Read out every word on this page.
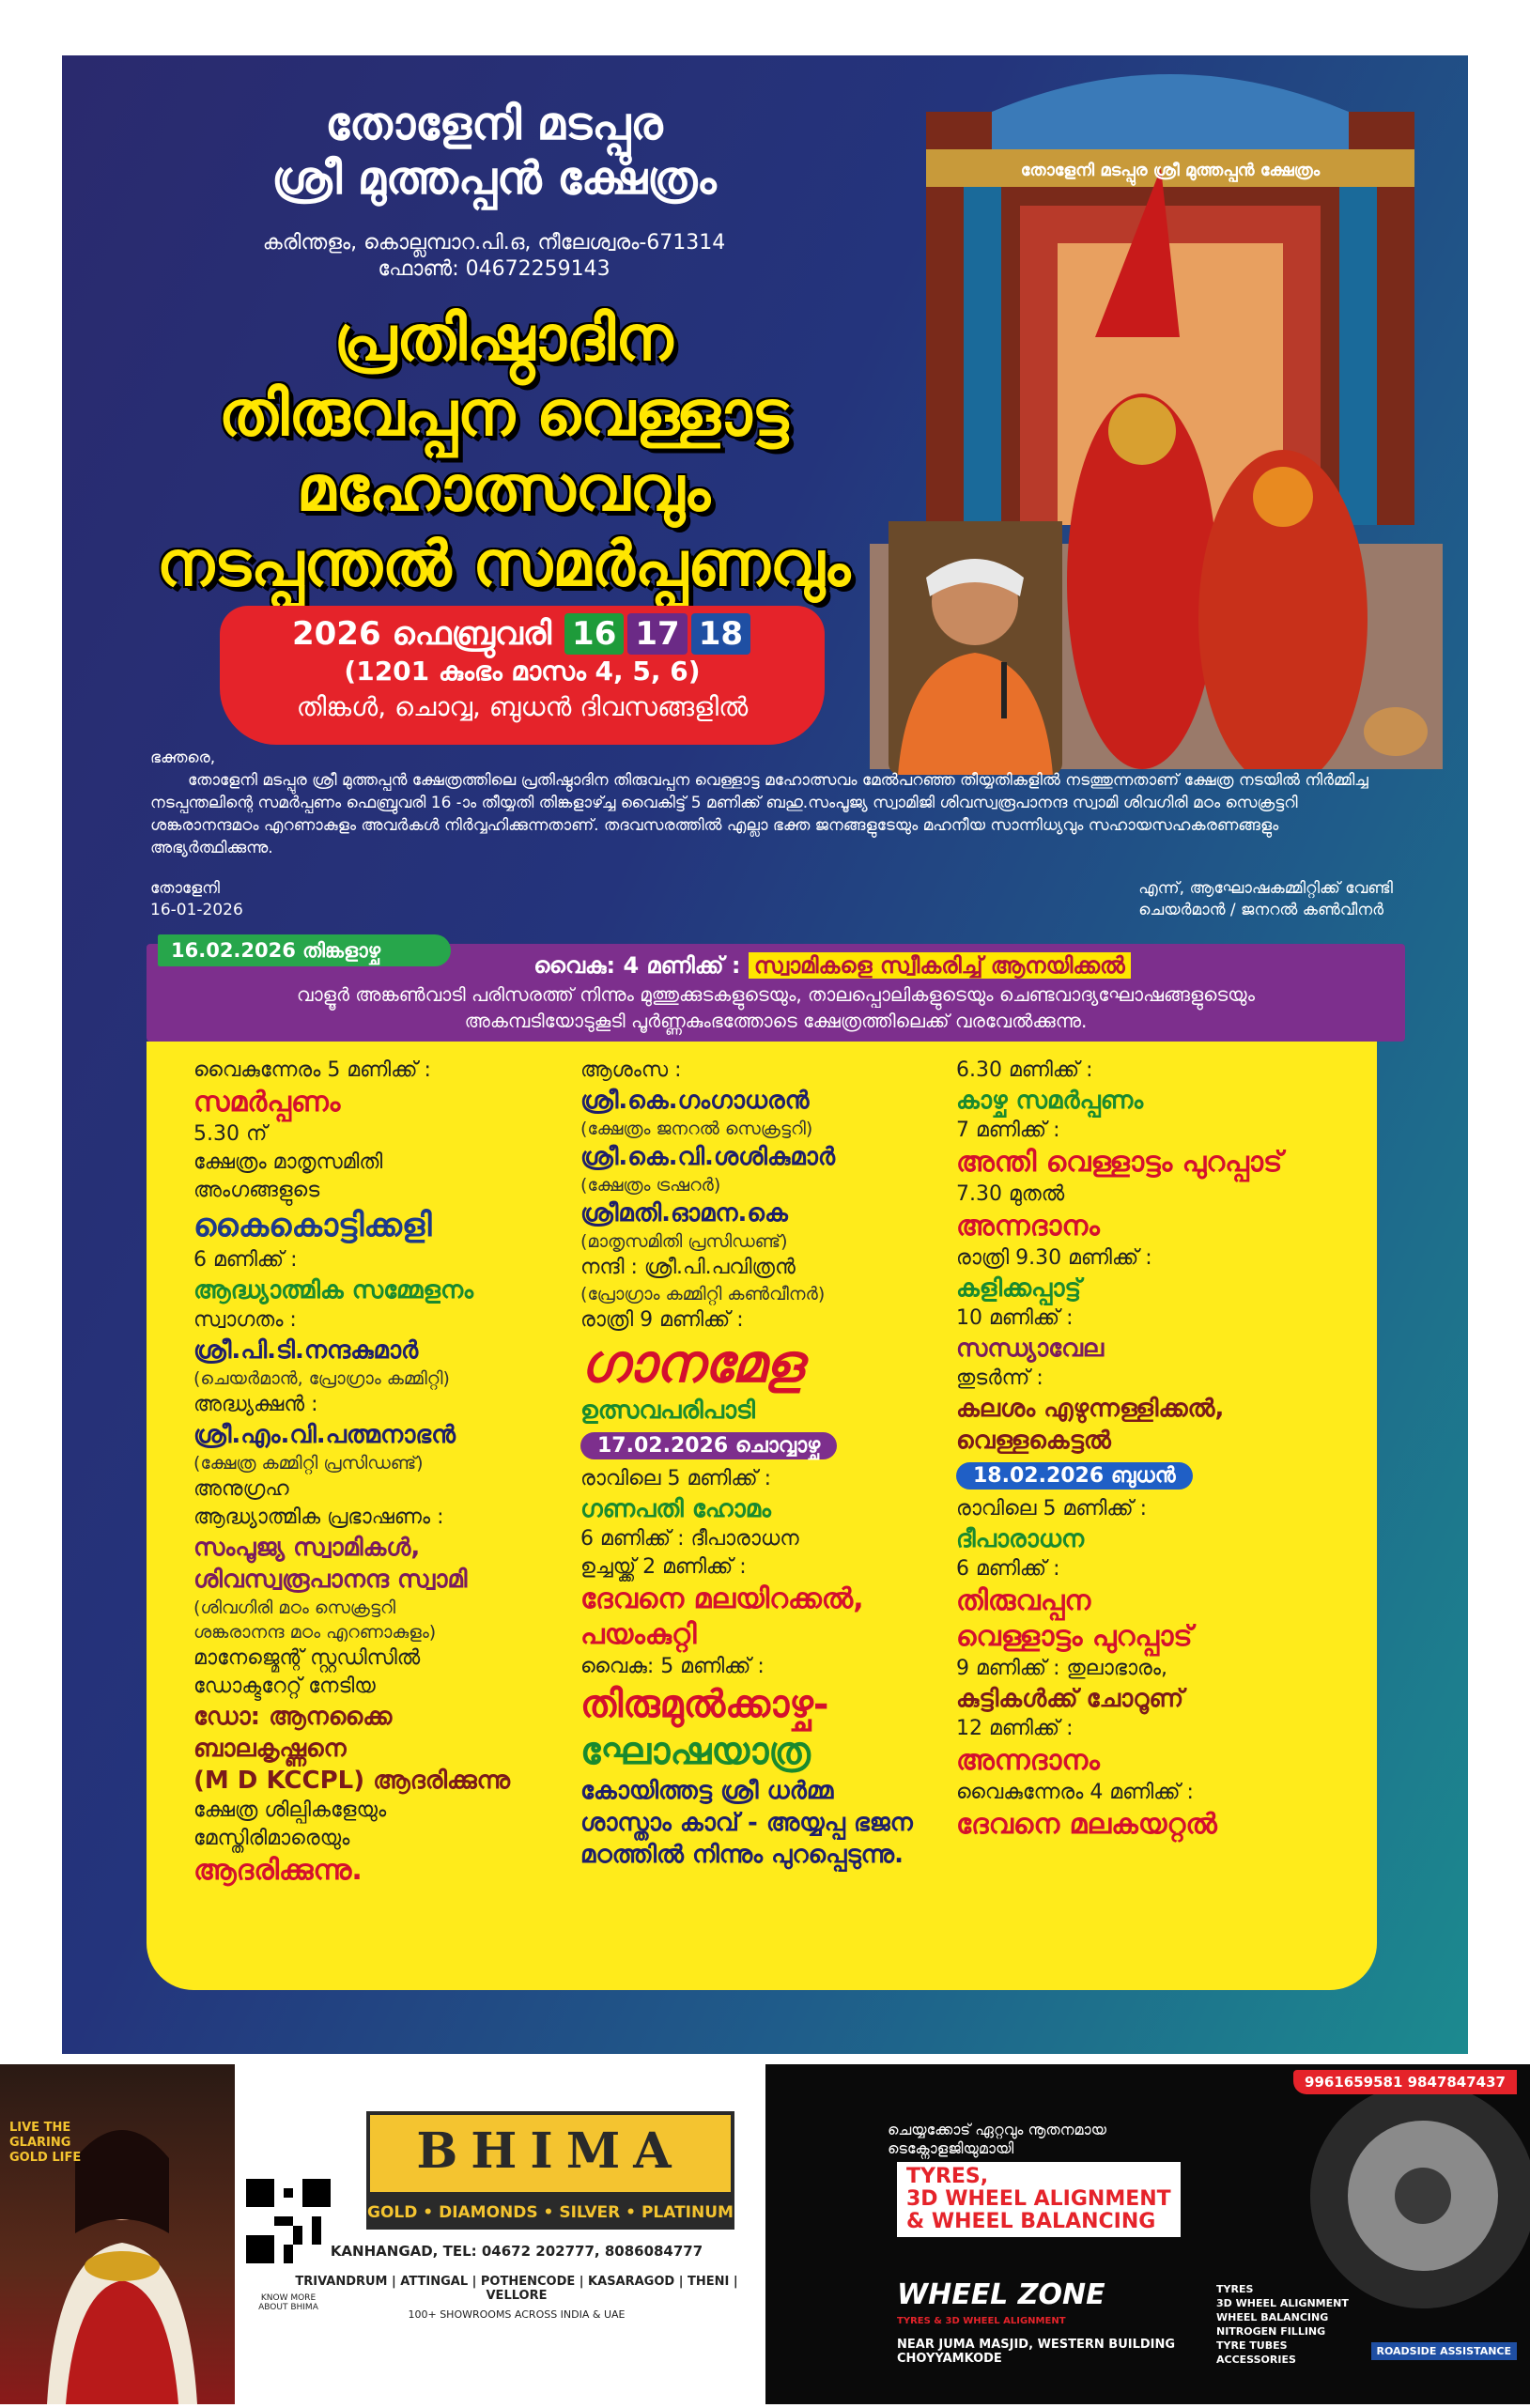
തോളേനി മടപ്പുര ശ്രീ മുത്തപ്പൻ ക്ഷേത്രം
തോളേനി മടപ്പുര
ശ്രീ മുത്തപ്പൻ ക്ഷേത്രം
കരിന്തളം, കൊല്ലമ്പാറ.പി.ഒ, നീലേശ്വരം-671314
ഫോൺ: 04672259143
പ്രതിഷ്ഠാദിന
തിരുവപ്പന വെള്ളാട്ട
മഹോത്സവവും
നടപ്പന്തൽ സമർപ്പണവും
2026 ഫെബ്രുവരി 16 17 18
(1201 കുംഭം മാസം 4, 5, 6)
തിങ്കൾ, ചൊവ്വ, ബുധൻ ദിവസങ്ങളിൽ
ഭക്തരെ,
തോളേനി മടപ്പുര ശ്രീ മുത്തപ്പൻ ക്ഷേത്രത്തിലെ പ്രതിഷ്ഠാദിന തിരുവപ്പന വെള്ളാട്ട മഹോത്സവം മേൽപറഞ്ഞ തീയ്യതികളിൽ നടത്തുന്നതാണ് ക്ഷേത്ര നടയിൽ നിർമ്മിച്ച നടപ്പന്തലിന്റെ സമർപ്പണം ഫെബ്രുവരി 16 -ാം തീയ്യതി തിങ്കളാഴ്ച്ച വൈകിട്ട് 5 മണിക്ക് ബഹു.സംപൂജ്യ സ്വാമിജി ശിവസ്വരൂപാനന്ദ സ്വാമി ശിവഗിരി മഠം സെക്രട്ടറി ശങ്കരാനന്ദമഠം എറണാകുളം അവർകൾ നിർവ്വഹിക്കുന്നതാണ്. തദവസരത്തിൽ എല്ലാ ഭക്ത ജനങ്ങളുടേയും മഹനീയ സാന്നിധ്യവും സഹായസഹകരണങ്ങളും അഭ്യർത്ഥിക്കുന്നു.
തോളേനി
16-01-2026
എന്ന്, ആഘോഷകമ്മിറ്റിക്ക് വേണ്ടി
ചെയർമാൻ / ജനറൽ കൺവീനർ
വൈകു: 4 മണിക്ക് : സ്വാമികളെ സ്വീകരിച്ച് ആനയിക്കൽ
വാളൂർ അങ്കൺവാടി പരിസരത്ത് നിന്നും മുത്തുക്കുടകളുടെയും, താലപ്പൊലികളുടെയും ചെണ്ടവാദ്യഘോഷങ്ങളുടെയും
അകമ്പടിയോടുകൂടി പൂർണ്ണകുംഭത്തോടെ ക്ഷേത്രത്തിലെക്ക് വരവേൽക്കുന്നു.
16.02.2026 തിങ്കളാഴ്ച
വൈകുന്നേരം 5 മണിക്ക് :
സമർപ്പണം
5.30 ന്
ക്ഷേത്രം മാതൃസമിതി
അംഗങ്ങളുടെ
കൈകൊട്ടിക്കളി
6 മണിക്ക് :
ആദ്ധ്യാത്മിക സമ്മേളനം
സ്വാഗതം :
ശ്രീ.പി.ടി.നന്ദകുമാർ
(ചെയർമാൻ, പ്രോഗ്രാം കമ്മിറ്റി)
അദ്ധ്യക്ഷൻ :
ശ്രീ.എം.വി.പത്മനാഭൻ
(ക്ഷേത്ര കമ്മിറ്റി പ്രസിഡണ്ട്)
അനുഗ്രഹ
ആദ്ധ്യാത്മിക പ്രഭാഷണം :
സംപൂജ്യ സ്വാമികൾ,
ശിവസ്വരൂപാനന്ദ സ്വാമി
(ശിവഗിരി മഠം സെക്രട്ടറി
ശങ്കരാനന്ദ മഠം എറണാകുളം)
മാനേജ്മെന്റ് സ്റ്റഡിസിൽ
ഡോക്ടറേറ്റ് നേടിയ
ഡോ: ആനക്കൈ
ബാലകൃഷ്ണനെ
(M D KCCPL) ആദരിക്കുന്നു
ക്ഷേത്ര ശില്പികളേയും
മേസ്തിരിമാരെയും
ആദരിക്കുന്നു.
ആശംസ :
ശ്രീ.കെ.ഗംഗാധരൻ
(ക്ഷേത്രം ജനറൽ സെക്രട്ടറി)
ശ്രീ.കെ.വി.ശശികുമാർ
(ക്ഷേത്രം ട്രഷറർ)
ശ്രീമതി.ഓമന.കെ
(മാതൃസമിതി പ്രസിഡണ്ട്)
നന്ദി : ശ്രീ.പി.പവിത്രൻ
(പ്രോഗ്രാം കമ്മിറ്റി കൺവീനർ)
രാത്രി 9 മണിക്ക് :
ഗാനമേള
ഉത്സവപരിപാടി
17.02.2026 ചൊവ്വാഴ്ച
രാവിലെ 5 മണിക്ക് :
ഗണപതി ഹോമം
6 മണിക്ക് : ദീപാരാധന
ഉച്ചയ്ക്ക് 2 മണിക്ക് :
ദേവനെ മലയിറക്കൽ,
പയംകുറ്റി
വൈകു: 5 മണിക്ക് :
തിരുമുൽക്കാഴ്ച-
ഘോഷയാത്ര
കോയിത്തട്ട ശ്രീ ധർമ്മ
ശാസ്താം കാവ് - അയ്യപ്പ ഭജന
മഠത്തിൽ നിന്നും പുറപ്പെടുന്നു.
6.30 മണിക്ക് :
കാഴ്ച സമർപ്പണം
7 മണിക്ക് :
അന്തി വെള്ളാട്ടം പുറപ്പാട്
7.30 മുതൽ
അന്നദാനം
രാത്രി 9.30 മണിക്ക് :
കളിക്കപ്പാട്ട്
10 മണിക്ക് :
സന്ധ്യാവേല
തുടർന്ന് :
കലശം എഴുന്നള്ളിക്കൽ,
വെള്ളകെട്ടൽ
18.02.2026 ബുധൻ
രാവിലെ 5 മണിക്ക് :
ദീപാരാധന
6 മണിക്ക് :
തിരുവപ്പന
വെള്ളാട്ടം പുറപ്പാട്
9 മണിക്ക് : തുലാഭാരം,
കുട്ടികൾക്ക് ചോറൂണ്
12 മണിക്ക് :
അന്നദാനം
വൈകുന്നേരം 4 മണിക്ക് :
ദേവനെ മലകയറ്റൽ
LIVE THE GLARING GOLD LIFE
KNOW MORE ABOUT BHIMA
BHIMA
GOLD • DIAMONDS • SILVER • PLATINUM
KANHANGAD, TEL: 04672 202777, 8086084777
TRIVANDRUM | ATTINGAL | POTHENCODE | KASARAGOD | THENI | VELLORE
100+ SHOWROOMS ACROSS INDIA & UAE
9961659581 9847847437
ചെയ്യക്കോട് ഏറ്റവും നൂതനമായ
ടെക്നോളജിയുമായി
TYRES,
3D WHEEL ALIGNMENT
& WHEEL BALANCING
WHEEL ZONE
TYRES & 3D WHEEL ALIGNMENT
NEAR JUMA MASJID, WESTERN BUILDING CHOYYAMKODE
TYRES
3D WHEEL ALIGNMENT
WHEEL BALANCING
NITROGEN FILLING
TYRE TUBES
ACCESSORIES
ROADSIDE ASSISTANCE
